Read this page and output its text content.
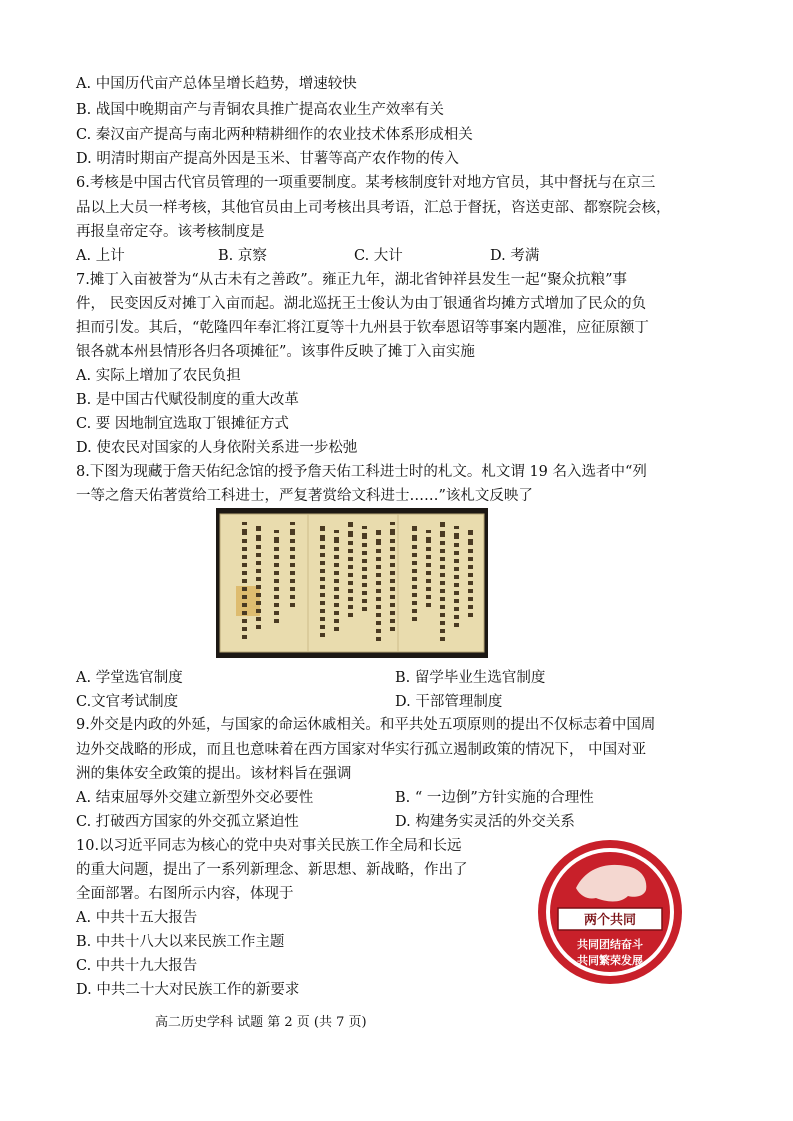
A. 中国历代亩产总体呈增长趋势，增速较快
B. 战国中晚期亩产与青铜农具推广提高农业生产效率有关
C. 秦汉亩产提高与南北两种精耕细作的农业技术体系形成相关
D. 明清时期亩产提高外因是玉米、甘薯等高产农作物的传入
6.考核是中国古代官员管理的一项重要制度。某考核制度针对地方官员，其中督抚与在京三
品以上大员一样考核，其他官员由上司考核出具考语，汇总于督抚，咨送吏部、都察院会核，
再报皇帝定夺。该考核制度是
A. 上计	B. 京察	C. 大计	D. 考满
7.摊丁入亩被誉为“从古未有之善政”。雍正九年，湖北省钟祥县发生一起“聚众抗粮”事
件， 民变因反对摊丁入亩而起。湖北巡抚王士俊认为由丁银通省均摊方式增加了民众的负
担而引发。其后，“乾隆四年奉汇将江夏等十九州县于钦奉恩诏等事案内题准，应征原额丁
银各就本州县情形各归各项摊征”。该事件反映了摊丁入亩实施
A. 实际上增加了农民负担
B. 是中国古代赋役制度的重大改革
C. 要 因地制宜选取丁银摊征方式
D. 使农民对国家的人身依附关系进一步松弛
8.下图为现藏于詹天佑纪念馆的授予詹天佑工科进士时的札文。札文谓 19 名入选者中“列
一等之詹天佑著赏给工科进士，严复著赏给文科进士……”该札文反映了
A. 学堂选官制度	B. 留学毕业生选官制度
C.文官考试制度	D. 干部管理制度
9.外交是内政的外延，与国家的命运休戚相关。和平共处五项原则的提出不仅标志着中国周
边外交战略的形成，而且也意味着在西方国家对华实行孤立遏制政策的情况下， 中国对亚
洲的集体安全政策的提出。该材料旨在强调
A. 结束屈辱外交建立新型外交必要性	B. “ 一边倒”方针实施的合理性
C. 打破西方国家的外交孤立紧迫性	D. 构建务实灵活的外交关系
10.以习近平同志为核心的党中央对事关民族工作全局和长远
的重大问题，提出了一系列新理念、新思想、新战略，作出了
全面部署。右图所示内容，体现于
A. 中共十五大报告
B. 中共十八大以来民族工作主题
C. 中共十九大报告
D. 中共二十大对民族工作的新要求
两个共同
共同团结奋斗
共同繁荣发展
高二历史学科 试题 第 2 页 (共 7 页)
